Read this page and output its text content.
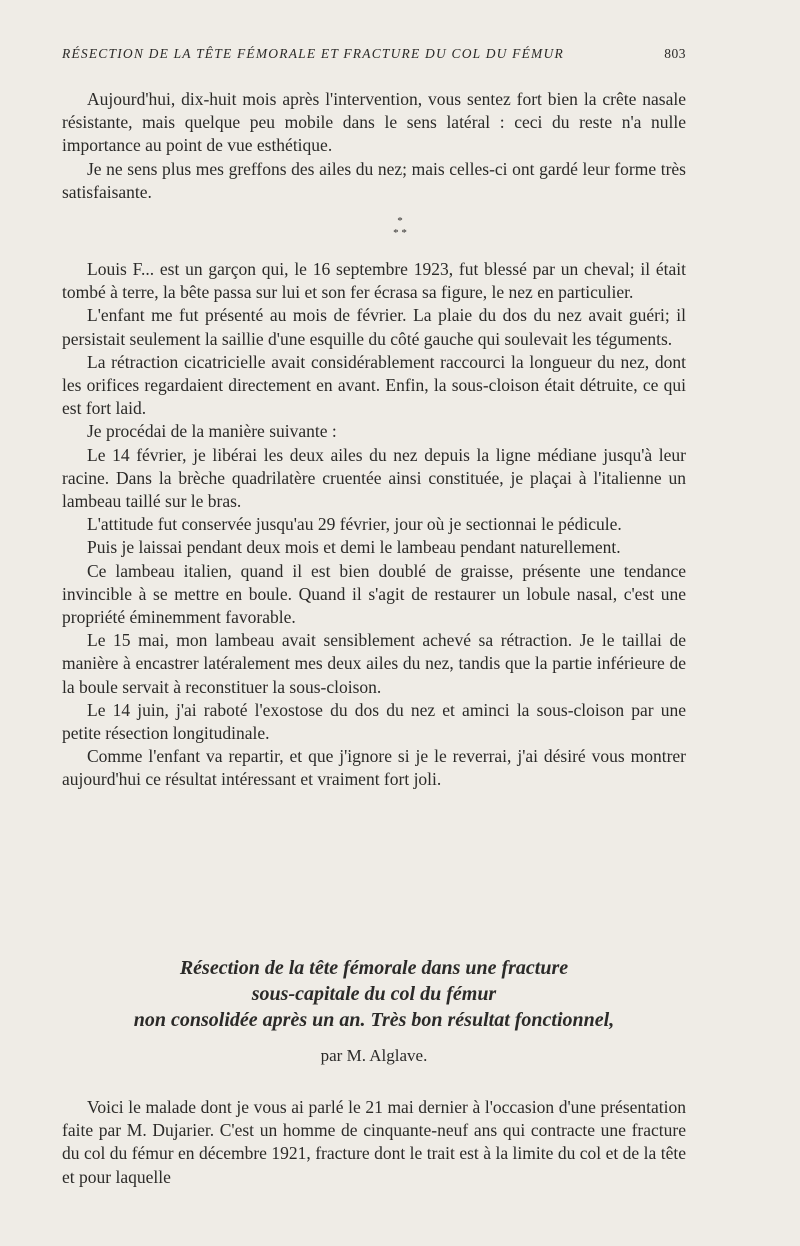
RÉSECTION DE LA TÊTE FÉMORALE ET FRACTURE DU COL DU FÉMUR	803

Aujourd'hui, dix-huit mois après l'intervention, vous sentez fort bien la crête nasale résistante, mais quelque peu mobile dans le sens latéral : ceci du reste n'a nulle importance au point de vue esthétique.

Je ne sens plus mes greffons des ailes du nez; mais celles-ci ont gardé leur forme très satisfaisante.

*
* *

Louis F... est un garçon qui, le 16 septembre 1923, fut blessé par un cheval; il était tombé à terre, la bête passa sur lui et son fer écrasa sa figure, le nez en particulier.

L'enfant me fut présenté au mois de février. La plaie du dos du nez avait guéri; il persistait seulement la saillie d'une esquille du côté gauche qui soulevait les téguments.

La rétraction cicatricielle avait considérablement raccourci la longueur du nez, dont les orifices regardaient directement en avant. Enfin, la sous-cloison était détruite, ce qui est fort laid.

Je procédai de la manière suivante :

Le 14 février, je libérai les deux ailes du nez depuis la ligne médiane jusqu'à leur racine. Dans la brèche quadrilatère cruentée ainsi constituée, je plaçai à l'italienne un lambeau taillé sur le bras.

L'attitude fut conservée jusqu'au 29 février, jour où je sectionnai le pédicule.

Puis je laissai pendant deux mois et demi le lambeau pendant naturellement.

Ce lambeau italien, quand il est bien doublé de graisse, présente une tendance invincible à se mettre en boule. Quand il s'agit de restaurer un lobule nasal, c'est une propriété éminemment favorable.

Le 15 mai, mon lambeau avait sensiblement achevé sa rétraction. Je le taillai de manière à encastrer latéralement mes deux ailes du nez, tandis que la partie inférieure de la boule servait à reconstituer la sous-cloison.

Le 14 juin, j'ai raboté l'exostose du dos du nez et aminci la sous-cloison par une petite résection longitudinale.

Comme l'enfant va repartir, et que j'ignore si je le reverrai, j'ai désiré vous montrer aujourd'hui ce résultat intéressant et vraiment fort joli.

Résection de la tête fémorale dans une fracture
sous-capitale du col du fémur
non consolidée après un an. Très bon résultat fonctionnel,
par M. Alglave.

Voici le malade dont je vous ai parlé le 21 mai dernier à l'occasion d'une présentation faite par M. Dujarier. C'est un homme de cinquante-neuf ans qui contracte une fracture du col du fémur en décembre 1921, fracture dont le trait est à la limite du col et de la tête et pour laquelle
